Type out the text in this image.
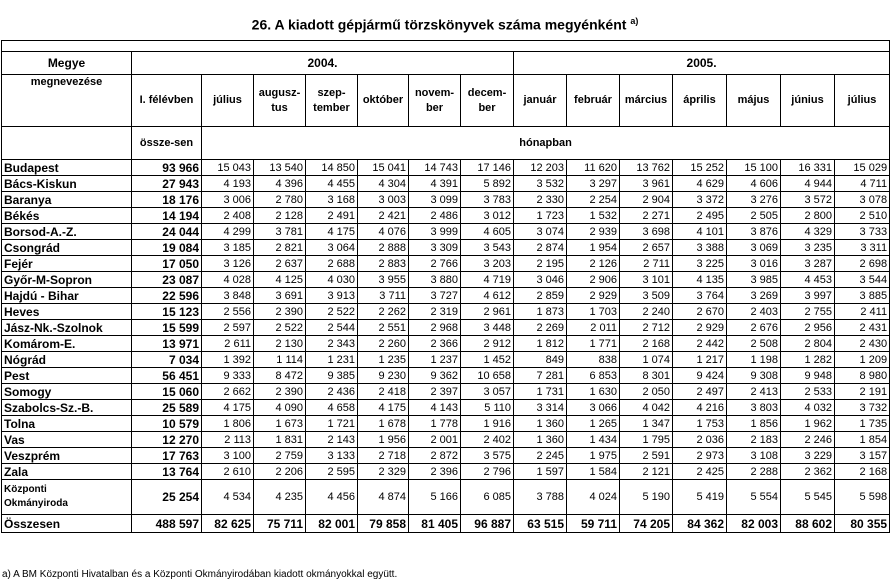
26. A kiadott gépjármű törzskönyvek száma megyénként $^{a)}$

Megye	2004.							2005.						
megnevezése	I. félévben	július	augusz-tus	szep-tember	október	novem-ber	decem-ber	január	február	március	április	május	június	július
	össze-sen	hónapban												
Budapest	93 966	15 043	13 540	14 850	15 041	14 743	17 146	12 203	11 620	13 762	15 252	15 100	16 331	15 029
Bács-Kiskun	27 943	4 193	4 396	4 455	4 304	4 391	5 892	3 532	3 297	3 961	4 629	4 606	4 944	4 711
Baranya	18 176	3 006	2 780	3 168	3 003	3 099	3 783	2 330	2 254	2 904	3 372	3 276	3 572	3 078
Békés	14 194	2 408	2 128	2 491	2 421	2 486	3 012	1 723	1 532	2 271	2 495	2 505	2 800	2 510
Borsod-A.-Z.	24 044	4 299	3 781	4 175	4 076	3 999	4 605	3 074	2 939	3 698	4 101	3 876	4 329	3 733
Csongrád	19 084	3 185	2 821	3 064	2 888	3 309	3 543	2 874	1 954	2 657	3 388	3 069	3 235	3 311
Fejér	17 050	3 126	2 637	2 688	2 883	2 766	3 203	2 195	2 126	2 711	3 225	3 016	3 287	2 698
Győr-M-Sopron	23 087	4 028	4 125	4 030	3 955	3 880	4 719	3 046	2 906	3 101	4 135	3 985	4 453	3 544
Hajdú - Bihar	22 596	3 848	3 691	3 913	3 711	3 727	4 612	2 859	2 929	3 509	3 764	3 269	3 997	3 885
Heves	15 123	2 556	2 390	2 522	2 262	2 319	2 961	1 873	1 703	2 240	2 670	2 403	2 755	2 411
Jász-Nk.-Szolnok	15 599	2 597	2 522	2 544	2 551	2 968	3 448	2 269	2 011	2 712	2 929	2 676	2 956	2 431
Komárom-E.	13 971	2 611	2 130	2 343	2 260	2 366	2 912	1 812	1 771	2 168	2 442	2 508	2 804	2 430
Nógrád	7 034	1 392	1 114	1 231	1 235	1 237	1 452	849	838	1 074	1 217	1 198	1 282	1 209
Pest	56 451	9 333	8 472	9 385	9 230	9 362	10 658	7 281	6 853	8 301	9 424	9 308	9 948	8 980
Somogy	15 060	2 662	2 390	2 436	2 418	2 397	3 057	1 731	1 630	2 050	2 497	2 413	2 533	2 191
Szabolcs-Sz.-B.	25 589	4 175	4 090	4 658	4 175	4 143	5 110	3 314	3 066	4 042	4 216	3 803	4 032	3 732
Tolna	10 579	1 806	1 673	1 721	1 678	1 778	1 916	1 360	1 265	1 347	1 753	1 856	1 962	1 735
Vas	12 270	2 113	1 831	2 143	1 956	2 001	2 402	1 360	1 434	1 795	2 036	2 183	2 246	1 854
Veszprém	17 763	3 100	2 759	3 133	2 718	2 872	3 575	2 245	1 975	2 591	2 973	3 108	3 229	3 157
Zala	13 764	2 610	2 206	2 595	2 329	2 396	2 796	1 597	1 584	2 121	2 425	2 288	2 362	2 168

Központi
Okmányiroda	25 254	4 534	4 235	4 456	4 874	5 166	6 085	3 788	4 024	5 190	5 419	5 554	5 545	5 598
Összesen	488 597	82 625	75 711	82 001	79 858	81 405	96 887	63 515	59 711	74 205	84 362	82 003	88 602	80 355
a) A BM Központi Hivatalban és a Központi Okmányirodában kiadott okmányokkal együtt.
